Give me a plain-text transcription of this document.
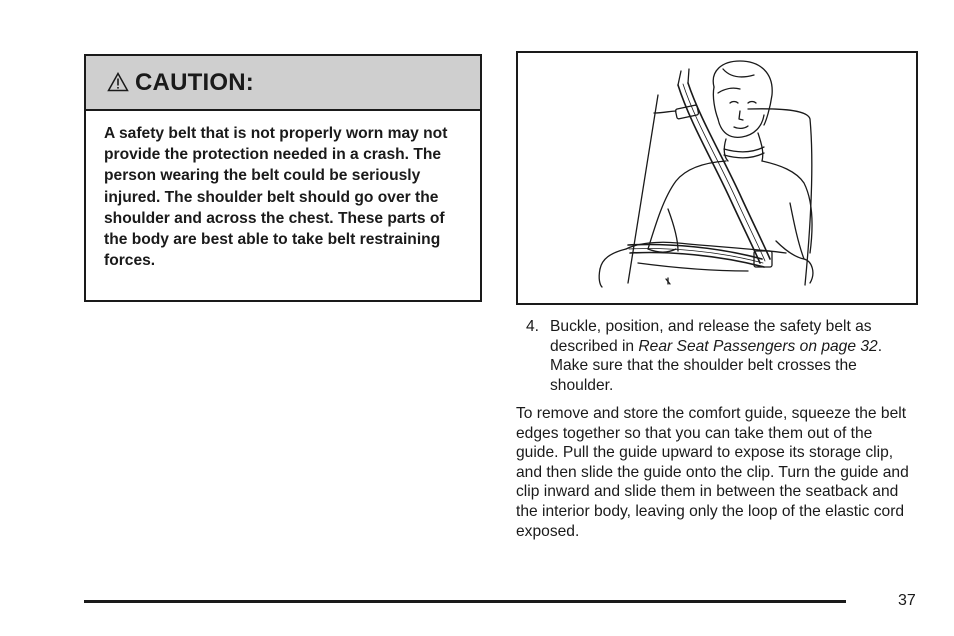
CAUTION:
A safety belt that is not properly worn may not provide the protection needed in a crash. The person wearing the belt could be seriously injured. The shoulder belt should go over the shoulder and across the chest. These parts of the body are best able to take belt restraining forces.
4. Buckle, position, and release the safety belt as described in Rear Seat Passengers on page 32. Make sure that the shoulder belt crosses the shoulder.
To remove and store the comfort guide, squeeze the belt edges together so that you can take them out of the guide. Pull the guide upward to expose its storage clip, and then slide the guide onto the clip. Turn the guide and clip inward and slide them in between the seatback and the interior body, leaving only the loop of the elastic cord exposed.
37
